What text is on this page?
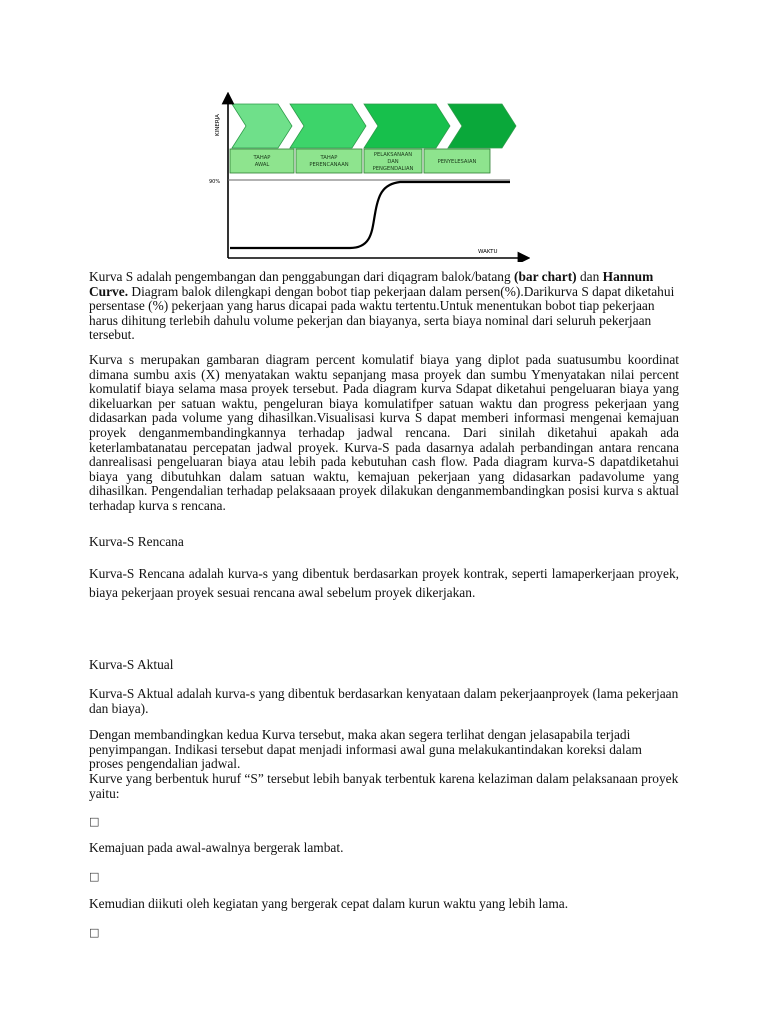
TAHAP
AWAL
TAHAP
PERENCANAAN
PELAKSANAAN
DAN
PENGENDALIAN
PENYELESAIAN
KINERJA
WAKTU
90%

Kurva S adalah pengembangan dan penggabungan dari diqagram balok/batang (bar chart) dan Hannum Curve. Diagram balok dilengkapi dengan bobot tiap pekerjaan dalam persen(%).Darikurva S dapat diketahui persentase (%) pekerjaan yang harus dicapai pada waktu tertentu.Untuk menentukan bobot tiap pekerjaan harus dihitung terlebih dahulu volume pekerjan dan biayanya, serta biaya nominal dari seluruh pekerjaan tersebut.

Kurva s merupakan gambaran diagram percent komulatif biaya yang diplot pada suatusumbu koordinat dimana sumbu axis (X) menyatakan waktu sepanjang masa proyek dan sumbu Ymenyatakan nilai percent komulatif biaya selama masa proyek tersebut. Pada diagram kurva Sdapat diketahui pengeluaran biaya yang dikeluarkan per satuan waktu, pengeluran biaya komulatifper satuan waktu dan progress pekerjaan yang didasarkan pada volume yang dihasilkan.Visualisasi kurva S dapat memberi informasi mengenai kemajuan proyek denganmembandingkannya terhadap jadwal rencana. Dari sinilah diketahui apakah ada keterlambatanatau percepatan jadwal proyek. Kurva-S pada dasarnya adalah perbandingan antara rencana danrealisasi pengeluaran biaya atau lebih pada kebutuhan cash flow. Pada diagram kurva-S dapatdiketahui biaya yang dibutuhkan dalam satuan waktu, kemajuan pekerjaan yang didasarkan padavolume yang dihasilkan. Pengendalian terhadap pelaksaaan proyek dilakukan denganmembandingkan posisi kurva s aktual terhadap kurva s rencana.

Kurva-S Rencana

Kurva-S Rencana adalah kurva-s yang dibentuk berdasarkan proyek kontrak, seperti lamaperkerjaan proyek, biaya pekerjaan proyek sesuai rencana awal sebelum proyek dikerjakan.

Kurva-S Aktual

Kurva-S Aktual adalah kurva-s yang dibentuk berdasarkan kenyataan dalam pekerjaanproyek (lama pekerjaan dan biaya).

Dengan membandingkan kedua Kurva tersebut, maka akan segera terlihat dengan jelasapabila terjadi penyimpangan. Indikasi tersebut dapat menjadi informasi awal guna melakukantindakan koreksi dalam proses pengendalian jadwal.

Kurve yang berbentuk huruf “S” tersebut lebih banyak terbentuk karena kelaziman dalam pelaksanaan proyek yaitu:

□

Kemajuan pada awal-awalnya bergerak lambat.

□

Kemudian diikuti oleh kegiatan yang bergerak cepat dalam kurun waktu yang lebih lama.

□
